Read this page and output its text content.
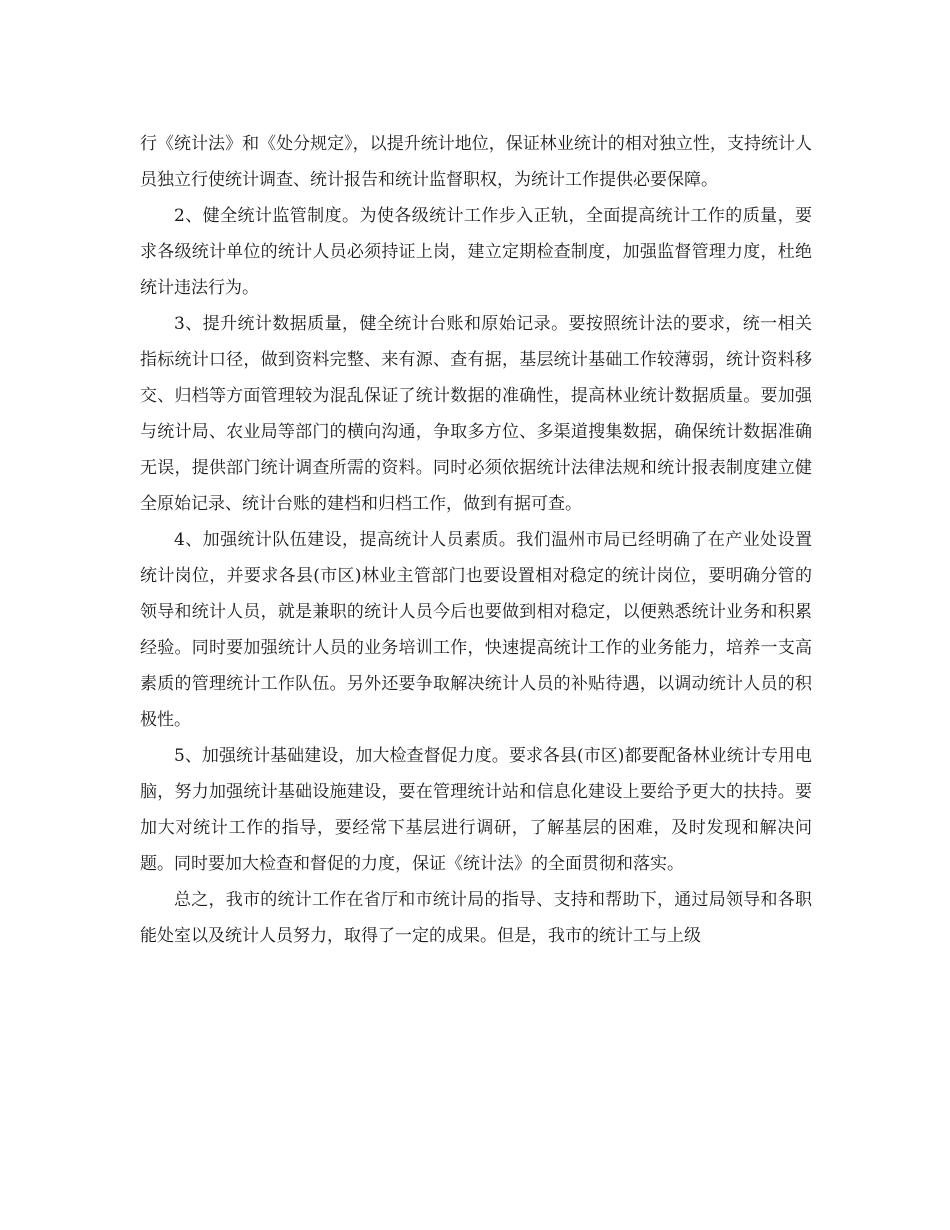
行《统计法》和《处分规定》，以提升统计地位，保证林业统计的相对独立性，支持统计人员独立行使统计调查、统计报告和统计监督职权，为统计工作提供必要保障。

2、健全统计监管制度。为使各级统计工作步入正轨，全面提高统计工作的质量，要求各级统计单位的统计人员必须持证上岗，建立定期检查制度，加强监督管理力度，杜绝统计违法行为。

3、提升统计数据质量，健全统计台账和原始记录。要按照统计法的要求，统一相关指标统计口径，做到资料完整、来有源、查有据，基层统计基础工作较薄弱，统计资料移交、归档等方面管理较为混乱保证了统计数据的准确性，提高林业统计数据质量。要加强与统计局、农业局等部门的横向沟通，争取多方位、多渠道搜集数据，确保统计数据准确无误，提供部门统计调查所需的资料。同时必须依据统计法律法规和统计报表制度建立健全原始记录、统计台账的建档和归档工作，做到有据可查。

4、加强统计队伍建设，提高统计人员素质。我们温州市局已经明确了在产业处设置统计岗位，并要求各县(市区)林业主管部门也要设置相对稳定的统计岗位，要明确分管的领导和统计人员，就是兼职的统计人员今后也要做到相对稳定，以便熟悉统计业务和积累经验。同时要加强统计人员的业务培训工作，快速提高统计工作的业务能力，培养一支高素质的管理统计工作队伍。另外还要争取解决统计人员的补贴待遇，以调动统计人员的积极性。

5、加强统计基础建设，加大检查督促力度。要求各县(市区)都要配备林业统计专用电脑，努力加强统计基础设施建设，要在管理统计站和信息化建设上要给予更大的扶持。要加大对统计工作的指导，要经常下基层进行调研，了解基层的困难，及时发现和解决问题。同时要加大检查和督促的力度，保证《统计法》的全面贯彻和落实。

总之，我市的统计工作在省厅和市统计局的指导、支持和帮助下，通过局领导和各职能处室以及统计人员努力，取得了一定的成果。但是，我市的统计工与上级
